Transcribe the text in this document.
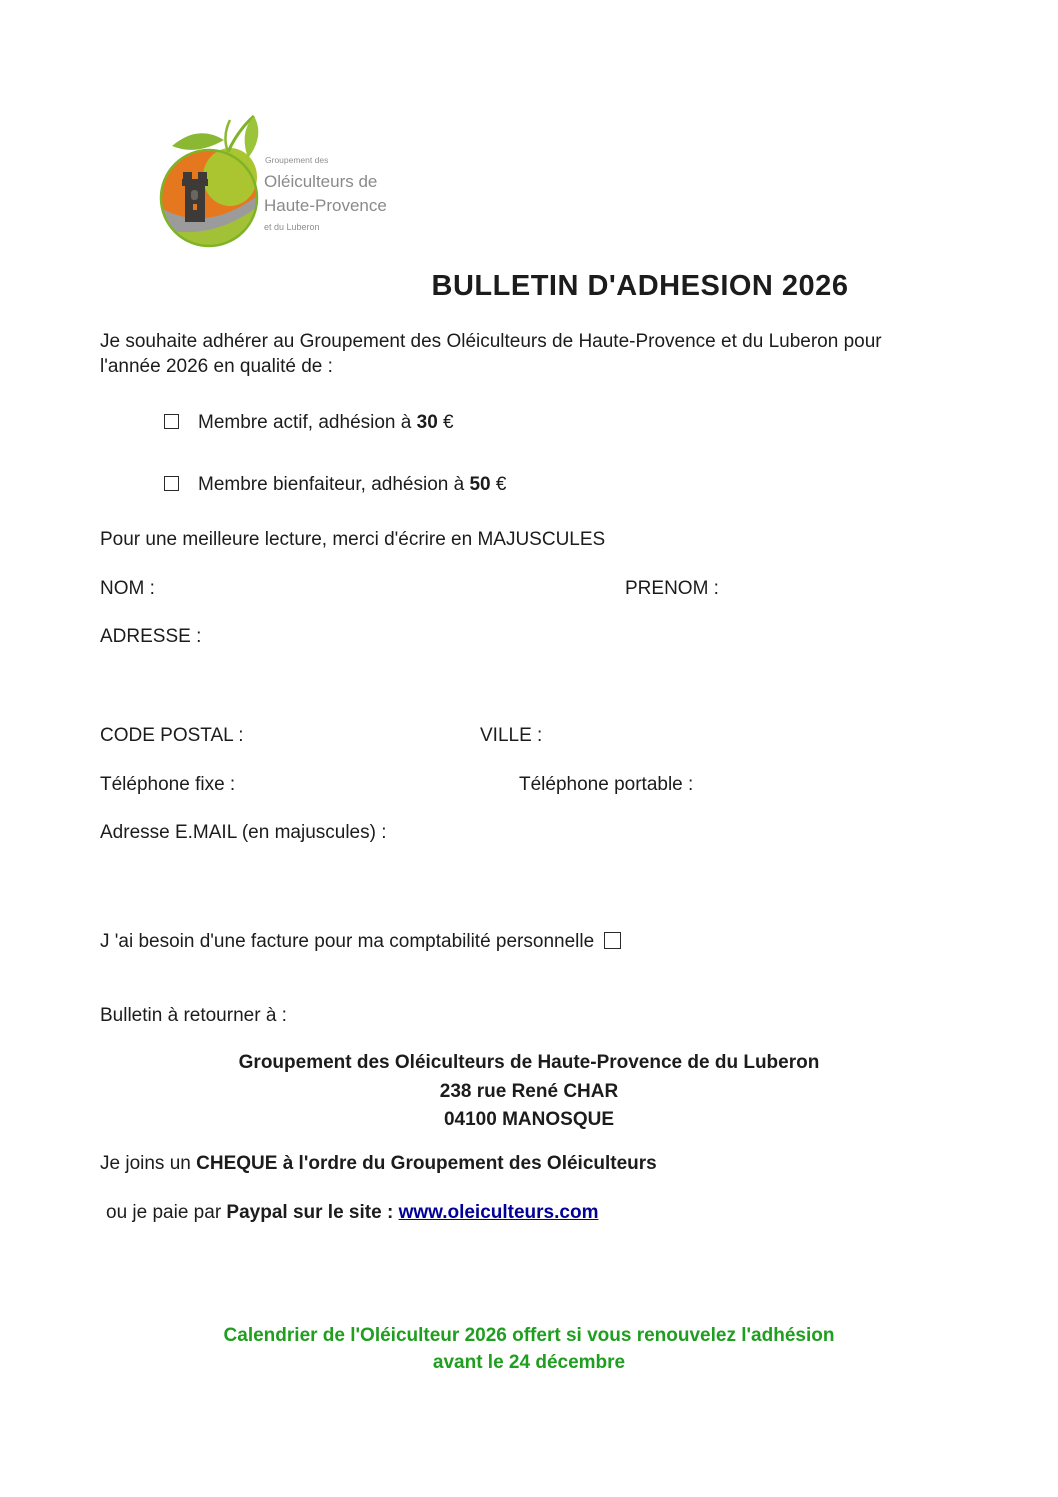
Groupement des
Oléiculteurs de
Haute-Provence
et du Luberon
BULLETIN D'ADHESION 2026
Je souhaite adhérer au Groupement des Oléiculteurs de Haute-Provence et du Luberon pour l'année 2026 en qualité de :
Membre actif, adhésion à 30 €
Membre bienfaiteur, adhésion à 50 €
Pour une meilleure lecture, merci d'écrire en MAJUSCULES
NOM :	PRENOM :
ADRESSE :
CODE POSTAL :	VILLE :
Téléphone fixe :	Téléphone portable :
Adresse E.MAIL (en majuscules) :
J 'ai besoin d'une facture pour ma comptabilité personnelle
Bulletin à retourner à :
Groupement des Oléiculteurs de Haute-Provence de du Luberon
238 rue René CHAR
04100 MANOSQUE
Je joins un CHEQUE à l'ordre du Groupement des Oléiculteurs
ou je paie par Paypal sur le site : www.oleiculteurs.com
Calendrier de l'Oléiculteur 2026 offert si vous renouvelez l'adhésion
avant le 24 décembre
